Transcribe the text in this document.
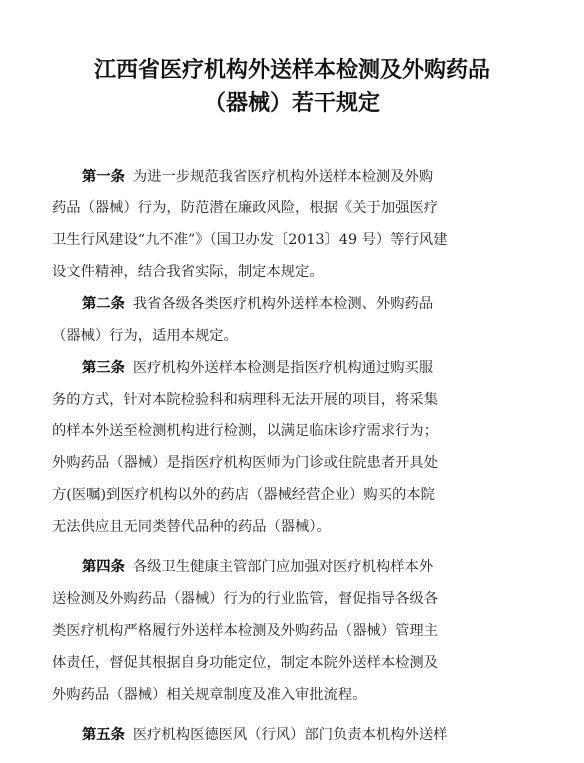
江西省医疗机构外送样本检测及外购药品
（器械）若干规定
第一条 为进一步规范我省医疗机构外送样本检测及外购
药品（器械）行为，防范潜在廉政风险，根据《关于加强医疗
卫生行风建设“九不准”》（国卫办发〔2013〕49 号）等行风建
设文件精神，结合我省实际，制定本规定。
第二条 我省各级各类医疗机构外送样本检测、外购药品
（器械）行为，适用本规定。
第三条 医疗机构外送样本检测是指医疗机构通过购买服
务的方式，针对本院检验科和病理科无法开展的项目，将采集
的样本外送至检测机构进行检测，以满足临床诊疗需求行为；
外购药品（器械）是指医疗机构医师为门诊或住院患者开具处
方(医嘱)到医疗机构以外的药店（器械经营企业）购买的本院
无法供应且无同类替代品种的药品（器械）。
第四条 各级卫生健康主管部门应加强对医疗机构样本外
送检测及外购药品（器械）行为的行业监管，督促指导各级各
类医疗机构严格履行外送样本检测及外购药品（器械）管理主
体责任，督促其根据自身功能定位，制定本院外送样本检测及
外购药品（器械）相关规章制度及准入审批流程。
第五条 医疗机构医德医风（行风）部门负责本机构外送样
